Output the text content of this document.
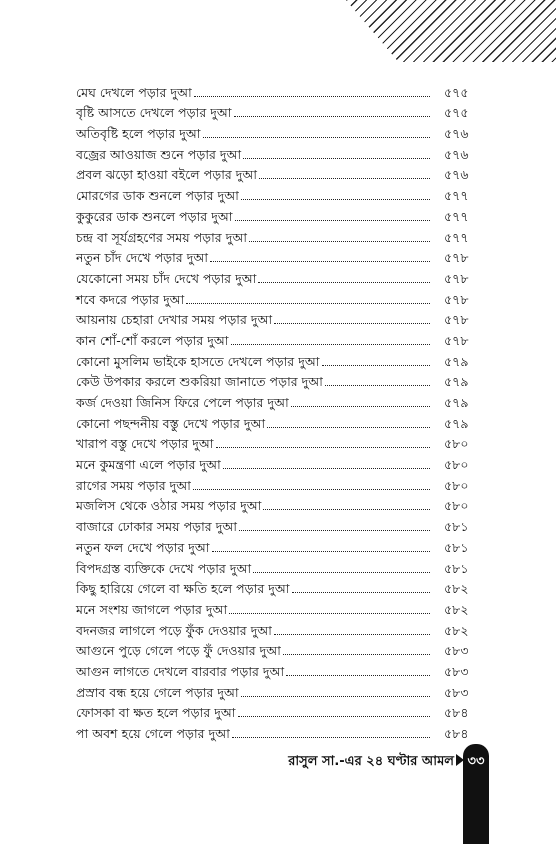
মেঘ দেখলে পড়ার দুআ	৫৭৫
বৃষ্টি আসতে দেখলে পড়ার দুআ	৫৭৫
অতিবৃষ্টি হলে পড়ার দুআ	৫৭৬
বজ্রের আওয়াজ শুনে পড়ার দুআ	৫৭৬
প্রবল ঝড়ো হাওয়া বইলে পড়ার দুআ	৫৭৬
মোরগের ডাক শুনলে পড়ার দুআ	৫৭৭
কুকুরের ডাক শুনলে পড়ার দুআ	৫৭৭
চন্দ্র বা সূর্যগ্রহণের সময় পড়ার দুআ	৫৭৭
নতুন চাঁদ দেখে পড়ার দুআ	৫৭৮
যেকোনো সময় চাঁদ দেখে পড়ার দুআ	৫৭৮
শবে কদরে পড়ার দুআ	৫৭৮
আয়নায় চেহারা দেখার সময় পড়ার দুআ	৫৭৮
কান শোঁ-শোঁ করলে পড়ার দুআ	৫৭৮
কোনো মুসলিম ভাইকে হাসতে দেখলে পড়ার দুআ	৫৭৯
কেউ উপকার করলে শুকরিয়া জানাতে পড়ার দুআ	৫৭৯
কর্জ দেওয়া জিনিস ফিরে পেলে পড়ার দুআ	৫৭৯
কোনো পছন্দনীয় বস্তু দেখে পড়ার দুআ	৫৭৯
খারাপ বস্তু দেখে পড়ার দুআ	৫৮০
মনে কুমন্ত্রণা এলে পড়ার দুআ	৫৮০
রাগের সময় পড়ার দুআ	৫৮০
মজলিস থেকে ওঠার সময় পড়ার দুআ	৫৮০
বাজারে ঢোকার সময় পড়ার দুআ	৫৮১
নতুন ফল দেখে পড়ার দুআ	৫৮১
বিপদগ্রস্ত ব্যক্তিকে দেখে পড়ার দুআ	৫৮১
কিছু হারিয়ে গেলে বা ক্ষতি হলে পড়ার দুআ	৫৮২
মনে সংশয় জাগলে পড়ার দুআ	৫৮২
বদনজর লাগলে পড়ে ফুঁক দেওয়ার দুআ	৫৮২
আগুনে পুড়ে গেলে পড়ে ফুঁ দেওয়ার দুআ	৫৮৩
আগুন লাগতে দেখলে বারবার পড়ার দুআ	৫৮৩
প্রস্রাব বন্ধ হয়ে গেলে পড়ার দুআ	৫৮৩
ফোসকা বা ক্ষত হলে পড়ার দুআ	৫৮৪
পা অবশ হয়ে গেলে পড়ার দুআ	৫৮৪
রাসুল সা.-এর ২৪ ঘণ্টার আমল	৩৩
